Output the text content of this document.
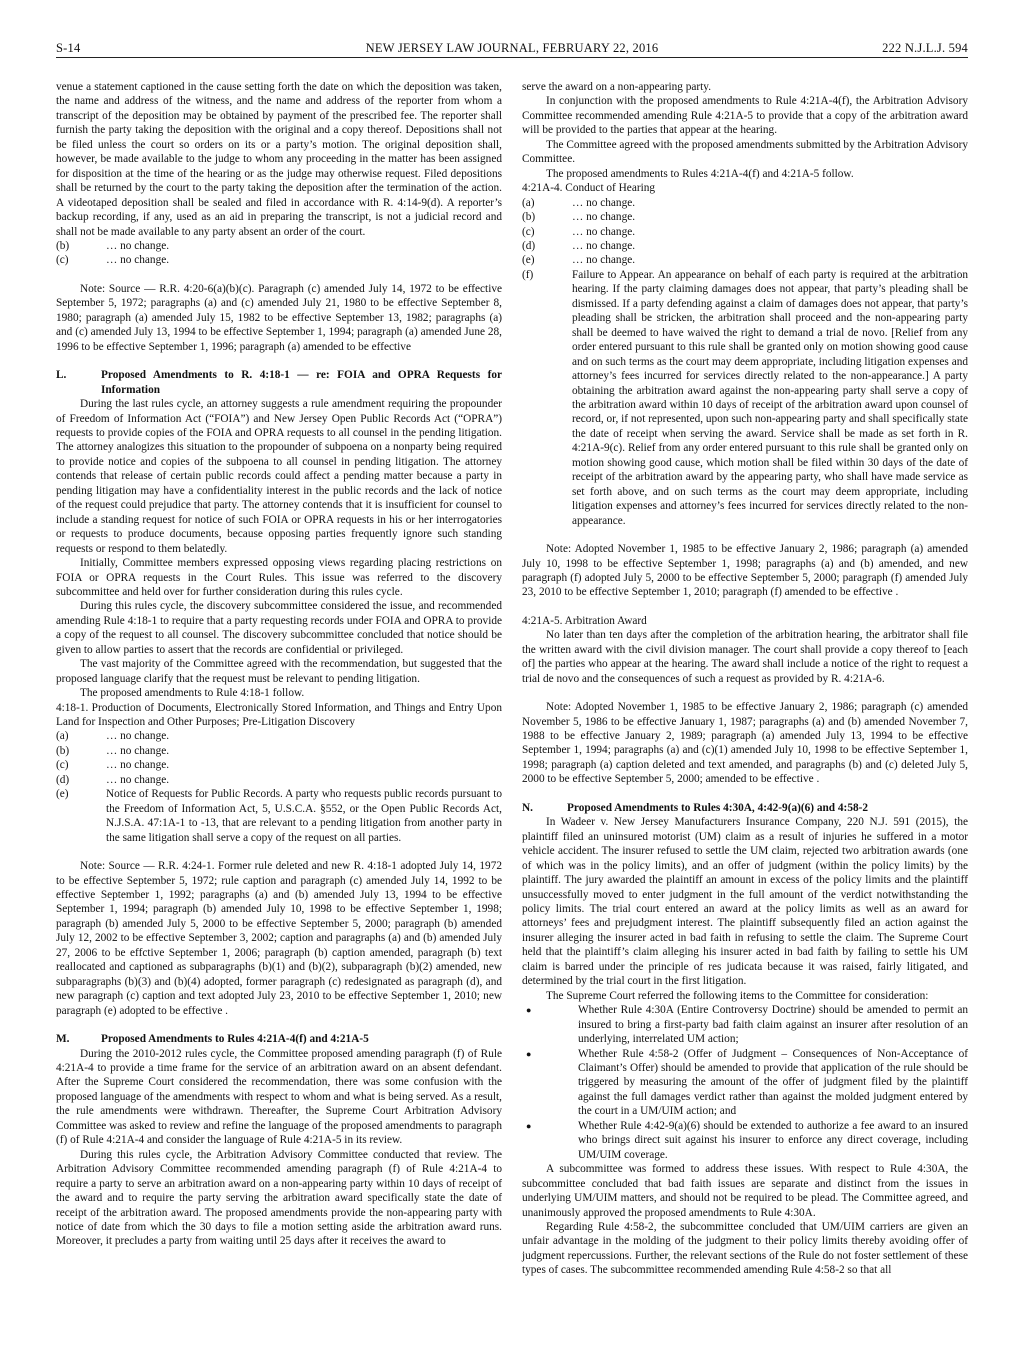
S-14	NEW JERSEY LAW JOURNAL, FEBRUARY 22, 2016	222 N.J.L.J. 594
venue a statement captioned in the cause setting forth the date on which the deposition was taken, the name and address of the witness, and the name and address of the reporter from whom a transcript of the deposition may be obtained by payment of the prescribed fee. The reporter shall furnish the party taking the deposition with the original and a copy thereof. Depositions shall not be filed unless the court so orders on its or a party’s motion. The original deposition shall, however, be made available to the judge to whom any proceeding in the matter has been assigned for disposition at the time of the hearing or as the judge may otherwise request. Filed depositions shall be returned by the court to the party taking the deposition after the termination of the action. A videotaped deposition shall be sealed and filed in accordance with R. 4:14-9(d). A reporter’s backup recording, if any, used as an aid in preparing the transcript, is not a judicial record and shall not be made available to any party absent an order of the court.
(b)	… no change.
(c)	… no change.
Note: Source — R.R. 4:20-6(a)(b)(c). Paragraph (c) amended July 14, 1972 to be effective September 5, 1972; paragraphs (a) and (c) amended July 21, 1980 to be effective September 8, 1980; paragraph (a) amended July 15, 1982 to be effective September 13, 1982; paragraphs (a) and (c) amended July 13, 1994 to be effective September 1, 1994; paragraph (a) amended June 28, 1996 to be effective September 1, 1996; paragraph (a) amended to be effective
L.	Proposed Amendments to R. 4:18-1 — re: FOIA and OPRA Requests for Information
During the last rules cycle, an attorney suggests a rule amendment requiring the propounder of Freedom of Information Act (“FOIA”) and New Jersey Open Public Records Act (“OPRA”) requests to provide copies of the FOIA and OPRA requests to all counsel in the pending litigation. The attorney analogizes this situation to the propounder of subpoena on a nonparty being required to provide notice and copies of the subpoena to all counsel in pending litigation. The attorney contends that release of certain public records could affect a pending matter because a party in pending litigation may have a confidentiality interest in the public records and the lack of notice of the request could prejudice that party. The attorney contends that it is insufficient for counsel to include a standing request for notice of such FOIA or OPRA requests in his or her interrogatories or requests to produce documents, because opposing parties frequently ignore such standing requests or respond to them belatedly.
Initially, Committee members expressed opposing views regarding placing restrictions on FOIA or OPRA requests in the Court Rules. This issue was referred to the discovery subcommittee and held over for further consideration during this rules cycle.
During this rules cycle, the discovery subcommittee considered the issue, and recommended amending Rule 4:18-1 to require that a party requesting records under FOIA and OPRA to provide a copy of the request to all counsel. The discovery subcommittee concluded that notice should be given to allow parties to assert that the records are confidential or privileged.
The vast majority of the Committee agreed with the recommendation, but suggested that the proposed language clarify that the request must be relevant to pending litigation.
The proposed amendments to Rule 4:18-1 follow.
4:18-1. Production of Documents, Electronically Stored Information, and Things and Entry Upon Land for Inspection and Other Purposes; Pre-Litigation Discovery
(a)	… no change.
(b)	… no change.
(c)	… no change.
(d)	… no change.
(e)	Notice of Requests for Public Records. A party who requests public records pursuant to the Freedom of Information Act, 5, U.S.C.A. §552, or the Open Public Records Act, N.J.S.A. 47:1A-1 to -13, that are relevant to a pending litigation from another party in the same litigation shall serve a copy of the request on all parties.
Note: Source — R.R. 4:24-1. Former rule deleted and new R. 4:18-1 adopted July 14, 1972 to be effective September 5, 1972; rule caption and paragraph (c) amended July 14, 1992 to be effective September 1, 1992; paragraphs (a) and (b) amended July 13, 1994 to be effective September 1, 1994; paragraph (b) amended July 10, 1998 to be effective September 1, 1998; paragraph (b) amended July 5, 2000 to be effective September 5, 2000; paragraph (b) amended July 12, 2002 to be effective September 3, 2002; caption and paragraphs (a) and (b) amended July 27, 2006 to be effctive September 1, 2006; paragraph (b) caption amended, paragraph (b) text reallocated and captioned as subparagraphs (b)(1) and (b)(2), subparagraph (b)(2) amended, new subparagraphs (b)(3) and (b)(4) adopted, former paragraph (c) redesignated as paragraph (d), and new paragraph (c) caption and text adopted July 23, 2010 to be effective September 1, 2010; new paragraph (e) adopted to be effective .
M.	Proposed Amendments to Rules 4:21A-4(f) and 4:21A-5
During the 2010-2012 rules cycle, the Committee proposed amending paragraph (f) of Rule 4:21A-4 to provide a time frame for the service of an arbitration award on an absent defendant. After the Supreme Court considered the recommendation, there was some confusion with the proposed language of the amendments with respect to whom and what is being served. As a result, the rule amendments were withdrawn. Thereafter, the Supreme Court Arbitration Advisory Committee was asked to review and refine the language of the proposed amendments to paragraph (f) of Rule 4:21A-4 and consider the language of Rule 4:21A-5 in its review.
During this rules cycle, the Arbitration Advisory Committee conducted that review. The Arbitration Advisory Committee recommended amending paragraph (f) of Rule 4:21A-4 to require a party to serve an arbitration award on a non-appearing party within 10 days of receipt of the award and to require the party serving the arbitration award specifically state the date of receipt of the arbitration award. The proposed amendments provide the non-appearing party with notice of date from which the 30 days to file a motion setting aside the arbitration award runs. Moreover, it precludes a party from waiting until 25 days after it receives the award to
serve the award on a non-appearing party.
In conjunction with the proposed amendments to Rule 4:21A-4(f), the Arbitration Advisory Committee recommended amending Rule 4:21A-5 to provide that a copy of the arbitration award will be provided to the parties that appear at the hearing.
The Committee agreed with the proposed amendments submitted by the Arbitration Advisory Committee.
The proposed amendments to Rules 4:21A-4(f) and 4:21A-5 follow.
4:21A-4. Conduct of Hearing
(a)	… no change.
(b)	… no change.
(c)	… no change.
(d)	… no change.
(e)	… no change.
(f)	Failure to Appear. An appearance on behalf of each party is required at the arbitration hearing. If the party claiming damages does not appear, that party’s pleading shall be dismissed. If a party defending against a claim of damages does not appear, that party’s pleading shall be stricken, the arbitration shall proceed and the non-appearing party shall be deemed to have waived the right to demand a trial de novo. [Relief from any order entered pursuant to this rule shall be granted only on motion showing good cause and on such terms as the court may deem appropriate, including litigation expenses and attorney’s fees incurred for services directly related to the non-appearance.] A party obtaining the arbitration award against the non-appearing party shall serve a copy of the arbitration award within 10 days of receipt of the arbitration award upon counsel of record, or, if not represented, upon such non-appearing party and shall specifically state the date of receipt when serving the award. Service shall be made as set forth in R. 4:21A-9(c). Relief from any order entered pursuant to this rule shall be granted only on motion showing good cause, which motion shall be filed within 30 days of the date of receipt of the arbitration award by the appearing party, who shall have made service as set forth above, and on such terms as the court may deem appropriate, including litigation expenses and attorney’s fees incurred for services directly related to the non-appearance.
Note: Adopted November 1, 1985 to be effective January 2, 1986; paragraph (a) amended July 10, 1998 to be effective September 1, 1998; paragraphs (a) and (b) amended, and new paragraph (f) adopted July 5, 2000 to be effective September 5, 2000; paragraph (f) amended July 23, 2010 to be effective September 1, 2010; paragraph (f) amended to be effective .
4:21A-5. Arbitration Award
No later than ten days after the completion of the arbitration hearing, the arbitrator shall file the written award with the civil division manager. The court shall provide a copy thereof to [each of] the parties who appear at the hearing. The award shall include a notice of the right to request a trial de novo and the consequences of such a request as provided by R. 4:21A-6.
Note: Adopted November 1, 1985 to be effective January 2, 1986; paragraph (c) amended November 5, 1986 to be effective January 1, 1987; paragraphs (a) and (b) amended November 7, 1988 to be effective January 2, 1989; paragraph (a) amended July 13, 1994 to be effective September 1, 1994; paragraphs (a) and (c)(1) amended July 10, 1998 to be effective September 1, 1998; paragraph (a) caption deleted and text amended, and paragraphs (b) and (c) deleted July 5, 2000 to be effective September 5, 2000; amended to be effective .
N.	Proposed Amendments to Rules 4:30A, 4:42-9(a)(6) and 4:58-2
In Wadeer v. New Jersey Manufacturers Insurance Company, 220 N.J. 591 (2015), the plaintiff filed an uninsured motorist (UM) claim as a result of injuries he suffered in a motor vehicle accident. The insurer refused to settle the UM claim, rejected two arbitration awards (one of which was in the policy limits), and an offer of judgment (within the policy limits) by the plaintiff. The jury awarded the plaintiff an amount in excess of the policy limits and the plaintiff unsuccessfully moved to enter judgment in the full amount of the verdict notwithstanding the policy limits. The trial court entered an award at the policy limits as well as an award for attorneys’ fees and prejudgment interest. The plaintiff subsequently filed an action against the insurer alleging the insurer acted in bad faith in refusing to settle the claim. The Supreme Court held that the plaintiff’s claim alleging his insurer acted in bad faith by failing to settle his UM claim is barred under the principle of res judicata because it was raised, fairly litigated, and determined by the trial court in the first litigation.
The Supreme Court referred the following items to the Committee for consideration:
●	Whether Rule 4:30A (Entire Controversy Doctrine) should be amended to permit an insured to bring a first-party bad faith claim against an insurer after resolution of an underlying, interrelated UM action;
●	Whether Rule 4:58-2 (Offer of Judgment – Consequences of Non-Acceptance of Claimant’s Offer) should be amended to provide that application of the rule should be triggered by measuring the amount of the offer of judgment filed by the plaintiff against the full damages verdict rather than against the molded judgment entered by the court in a UM/UIM action; and
●	Whether Rule 4:42-9(a)(6) should be extended to authorize a fee award to an insured who brings direct suit against his insurer to enforce any direct coverage, including UM/UIM coverage.
A subcommittee was formed to address these issues. With respect to Rule 4:30A, the subcommittee concluded that bad faith issues are separate and distinct from the issues in underlying UM/UIM matters, and should not be required to be plead. The Committee agreed, and unanimously approved the proposed amendments to Rule 4:30A.
Regarding Rule 4:58-2, the subcommittee concluded that UM/UIM carriers are given an unfair advantage in the molding of the judgment to their policy limits thereby avoiding offer of judgment repercussions. Further, the relevant sections of the Rule do not foster settlement of these types of cases. The subcommittee recommended amending Rule 4:58-2 so that all
